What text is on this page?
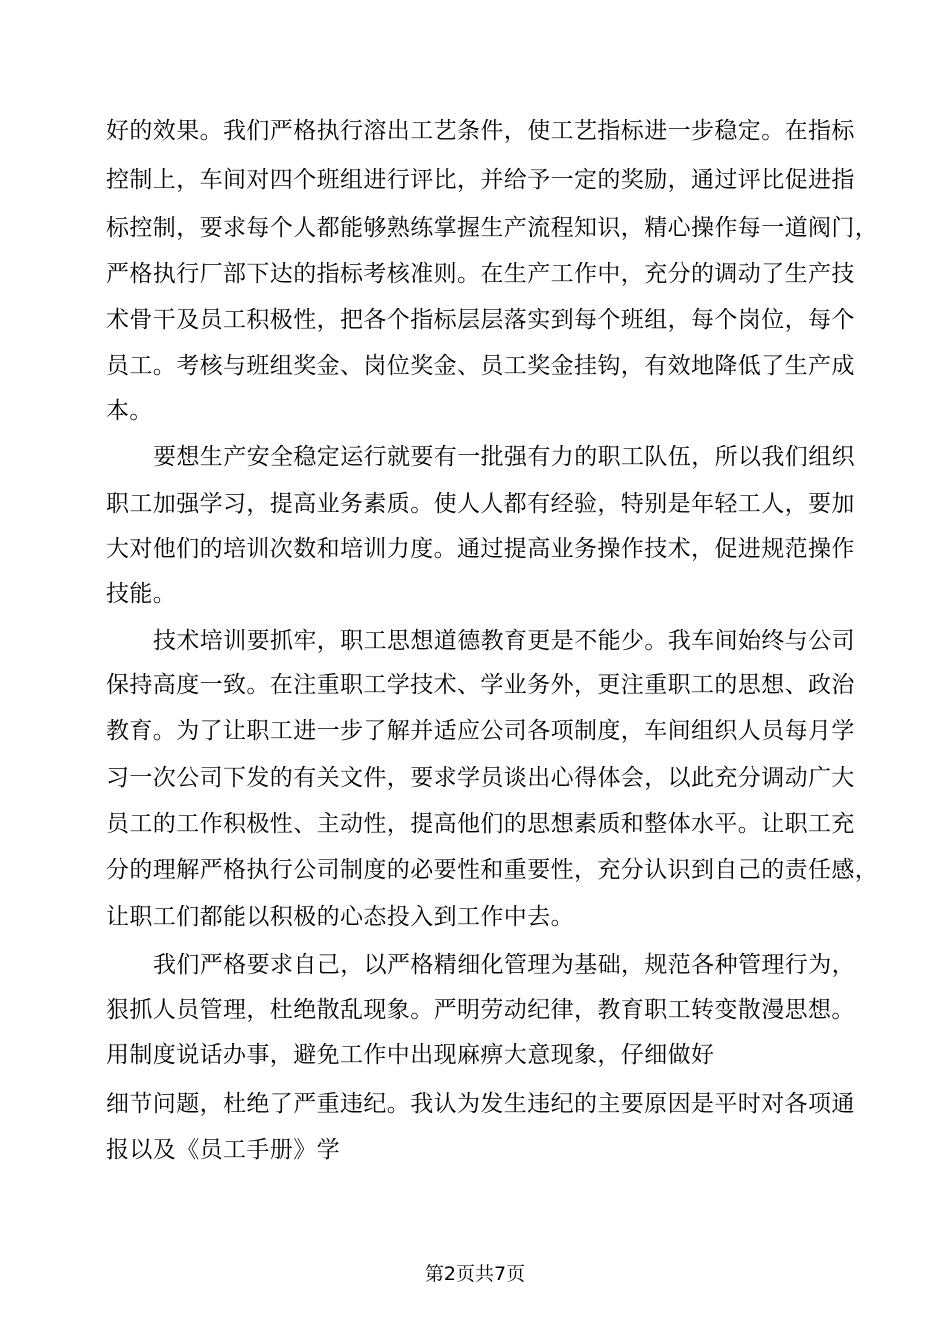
好的效果。我们严格执行溶出工艺条件，使工艺指标进一步稳定。在指标
控制上，车间对四个班组进行评比，并给予一定的奖励，通过评比促进指
标控制，要求每个人都能够熟练掌握生产流程知识，精心操作每一道阀门，
严格执行厂部下达的指标考核准则。在生产工作中，充分的调动了生产技
术骨干及员工积极性，把各个指标层层落实到每个班组，每个岗位，每个
员工。考核与班组奖金、岗位奖金、员工奖金挂钩，有效地降低了生产成
本。
要想生产安全稳定运行就要有一批强有力的职工队伍，所以我们组织
职工加强学习，提高业务素质。使人人都有经验，特别是年轻工人，要加
大对他们的培训次数和培训力度。通过提高业务操作技术，促进规范操作
技能。
技术培训要抓牢，职工思想道德教育更是不能少。我车间始终与公司
保持高度一致。在注重职工学技术、学业务外，更注重职工的思想、政治
教育。为了让职工进一步了解并适应公司各项制度，车间组织人员每月学
习一次公司下发的有关文件，要求学员谈出心得体会，以此充分调动广大
员工的工作积极性、主动性，提高他们的思想素质和整体水平。让职工充
分的理解严格执行公司制度的必要性和重要性，充分认识到自己的责任感，
让职工们都能以积极的心态投入到工作中去。
我们严格要求自己，以严格精细化管理为基础，规范各种管理行为，
狠抓人员管理，杜绝散乱现象。严明劳动纪律，教育职工转变散漫思想。
用制度说话办事，避免工作中出现麻痹大意现象，仔细做好
细节问题，杜绝了严重违纪。我认为发生违纪的主要原因是平时对各项通
报以及《员工手册》学
第2页共7页
